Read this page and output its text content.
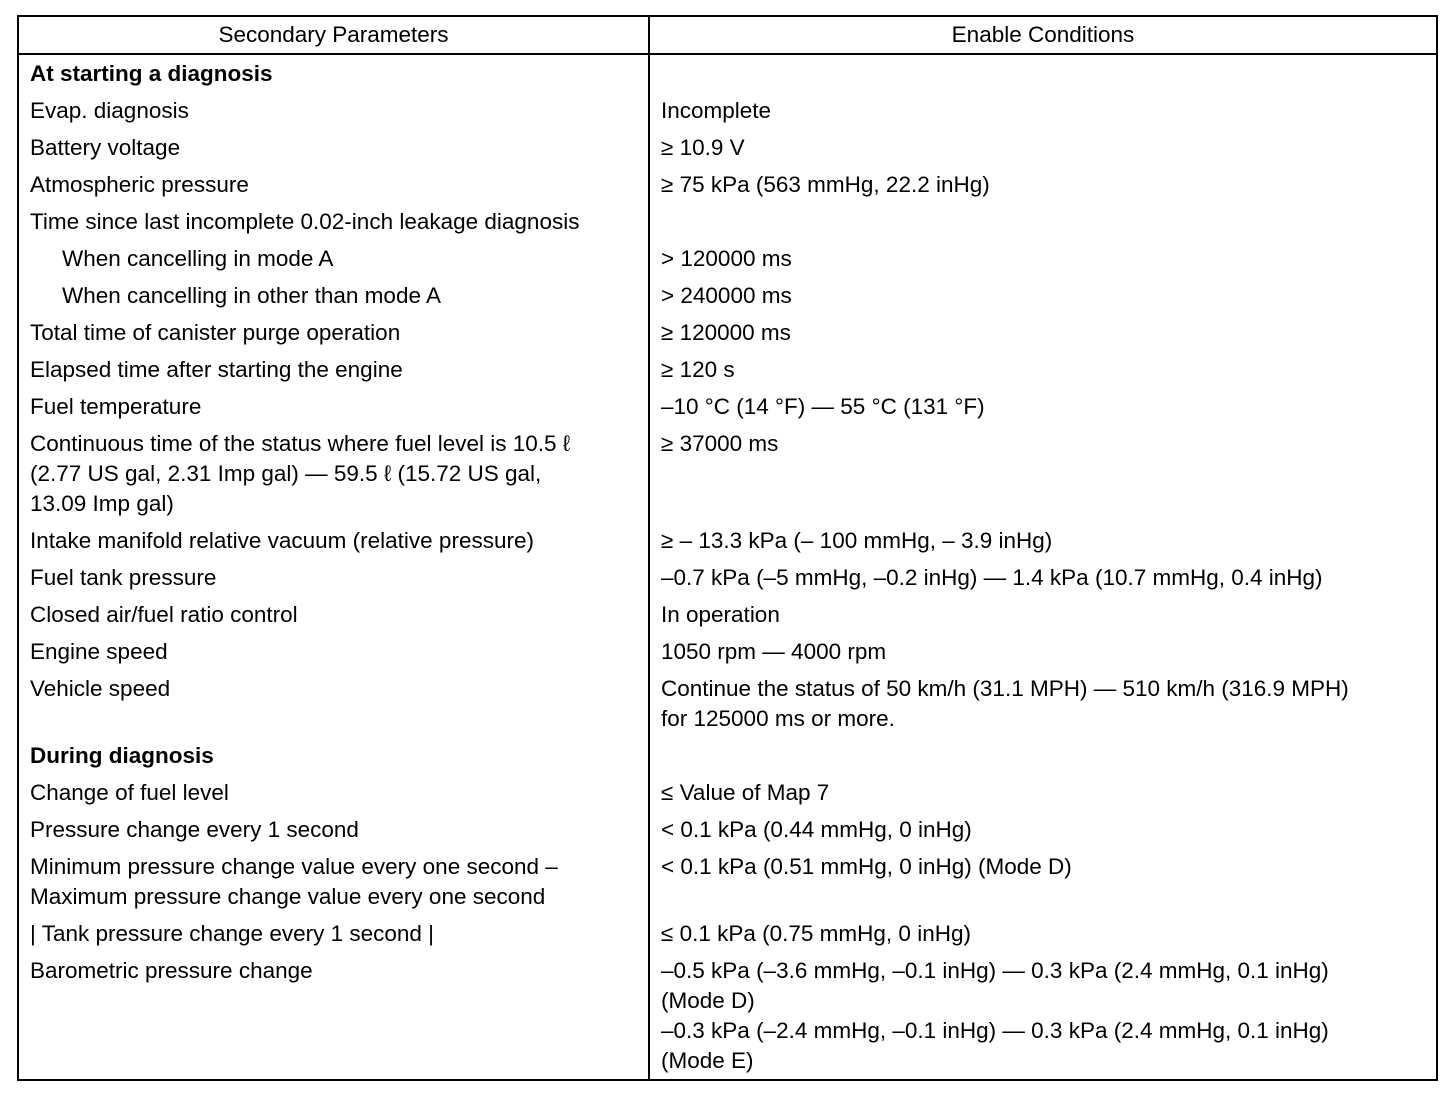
Secondary Parameters	Enable Conditions
At starting a diagnosis	
Evap. diagnosis	Incomplete
Battery voltage	≥ 10.9 V
Atmospheric pressure	≥ 75 kPa (563 mmHg, 22.2 inHg)
Time since last incomplete 0.02-inch leakage diagnosis	
When cancelling in mode A	> 120000 ms
When cancelling in other than mode A	> 240000 ms
Total time of canister purge operation	≥ 120000 ms
Elapsed time after starting the engine	≥ 120 s
Fuel temperature	–10 °C (14 °F) — 55 °C (131 °F)

Continuous time of the status where fuel level is 10.5 ℓ
(2.77 US gal, 2.31 Imp gal) — 59.5 ℓ (15.72 US gal,
13.09 Imp gal)	≥ 37000 ms
Intake manifold relative vacuum (relative pressure)	≥ – 13.3 kPa (– 100 mmHg, – 3.9 inHg)
Fuel tank pressure	–0.7 kPa (–5 mmHg, –0.2 inHg) — 1.4 kPa (10.7 mmHg, 0.4 inHg)
Closed air/fuel ratio control	In operation
Engine speed	1050 rpm — 4000 rpm
Vehicle speed	Continue the status of 50 km/h (31.1 MPH) — 510 km/h (316.9 MPH)
for 125000 ms or more.

During diagnosis	
Change of fuel level	≤ Value of Map 7
Pressure change every 1 second	< 0.1 kPa (0.44 mmHg, 0 inHg)

Minimum pressure change value every one second –
Maximum pressure change value every one second	< 0.1 kPa (0.51 mmHg, 0 inHg) (Mode D)
| Tank pressure change every 1 second |	≤ 0.1 kPa (0.75 mmHg, 0 inHg)
Barometric pressure change	–0.5 kPa (–3.6 mmHg, –0.1 inHg) — 0.3 kPa (2.4 mmHg, 0.1 inHg)
(Mode D)
–0.3 kPa (–2.4 mmHg, –0.1 inHg) — 0.3 kPa (2.4 mmHg, 0.1 inHg)
(Mode E)
